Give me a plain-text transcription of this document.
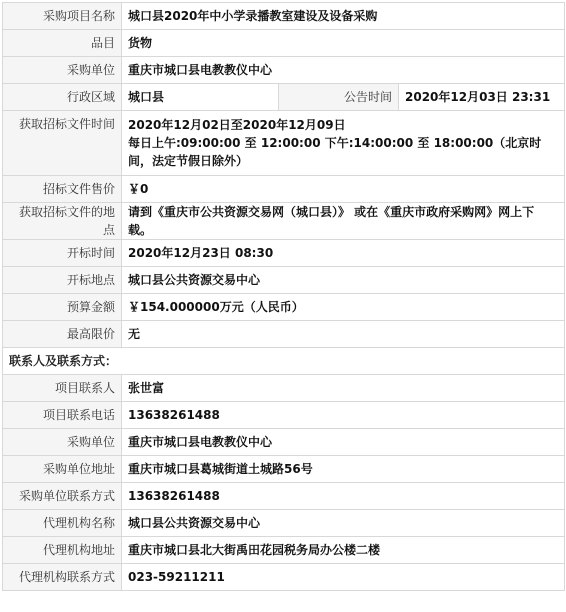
采购项目名称	城口县2020年中小学录播教室建设及设备采购		
品目	货物		
采购单位	重庆市城口县电教教仪中心		
行政区域	城口县	公告时间	2020年12月03日 23:31
获取招标文件时间	2020年12月02日至2020年12月09日
每日上午:09:00:00 至 12:00:00 下午:14:00:00 至 18:00:00（北京时间，法定节假日除外）		

招标文件售价	￥0		
获取招标文件的地点	请到《重庆市公共资源交易网（城口县）》 或在《重庆市政府采购网》网上下载。		
开标时间	2020年12月23日 08:30		
开标地点	城口县公共资源交易中心		
预算金额	￥154.000000万元（人民币）		
最高限价	无		
联系人及联系方式：			
项目联系人	张世富		
项目联系电话	13638261488		
采购单位	重庆市城口县电教教仪中心		
采购单位地址	重庆市城口县葛城街道土城路56号		
采购单位联系方式	13638261488		
代理机构名称	城口县公共资源交易中心		
代理机构地址	重庆市城口县北大街禹田花园税务局办公楼二楼		
代理机构联系方式	023-59211211		
